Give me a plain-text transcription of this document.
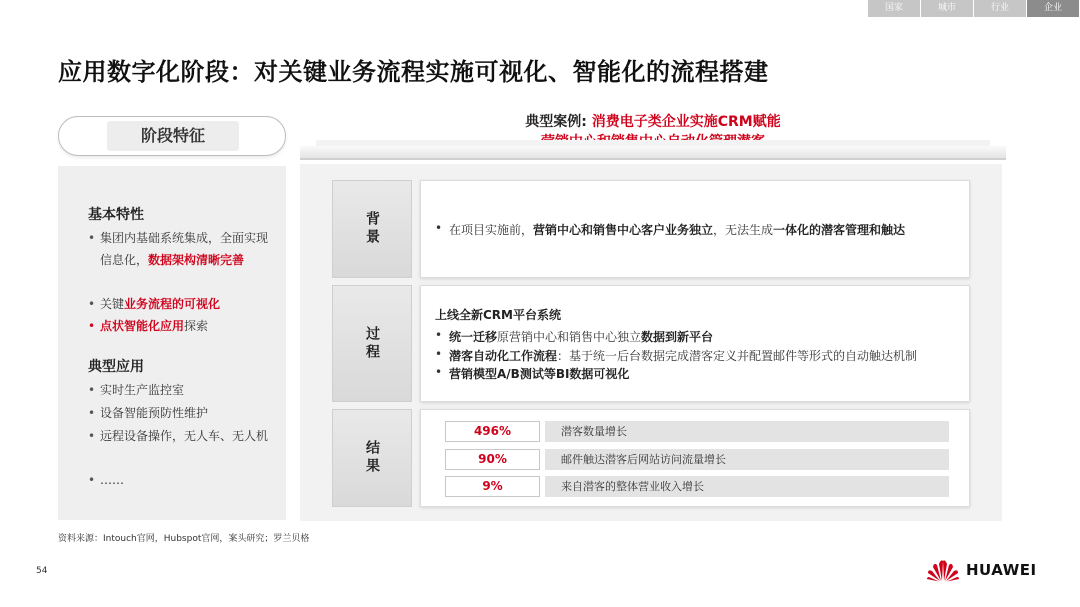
国家	城市	行业	企业
应用数字化阶段：对关键业务流程实施可视化、智能化的流程搭建
阶段特征
基本特性
• 集团内基础系统集成，全面实现信息化，数据架构清晰完善
• 关键业务流程的可视化
• 点状智能化应用探索
典型应用
• 实时生产监控室
• 设备智能预防性维护
• 远程设备操作，无人车、无人机
• ……
典型案例: 消费电子类企业实施CRM赋能
背景
•	在项目实施前，营销中心和销售中心客户业务独立，无法生成一体化的潜客管理和触达
过程
上线全新CRM平台系统
• 统一迁移原营销中心和销售中心独立数据到新平台
• 潜客自动化工作流程：基于统一后台数据完成潜客定义并配置邮件等形式的自动触达机制
• 营销模型A/B测试等BI数据可视化
结果
496%	潜客数量增长
90%	邮件触达潜客后网站访问流量增长
9%	来自潜客的整体营业收入增长
资料来源：Intouch官网，Hubspot官网，案头研究；罗兰贝格
54	HUAWEI
